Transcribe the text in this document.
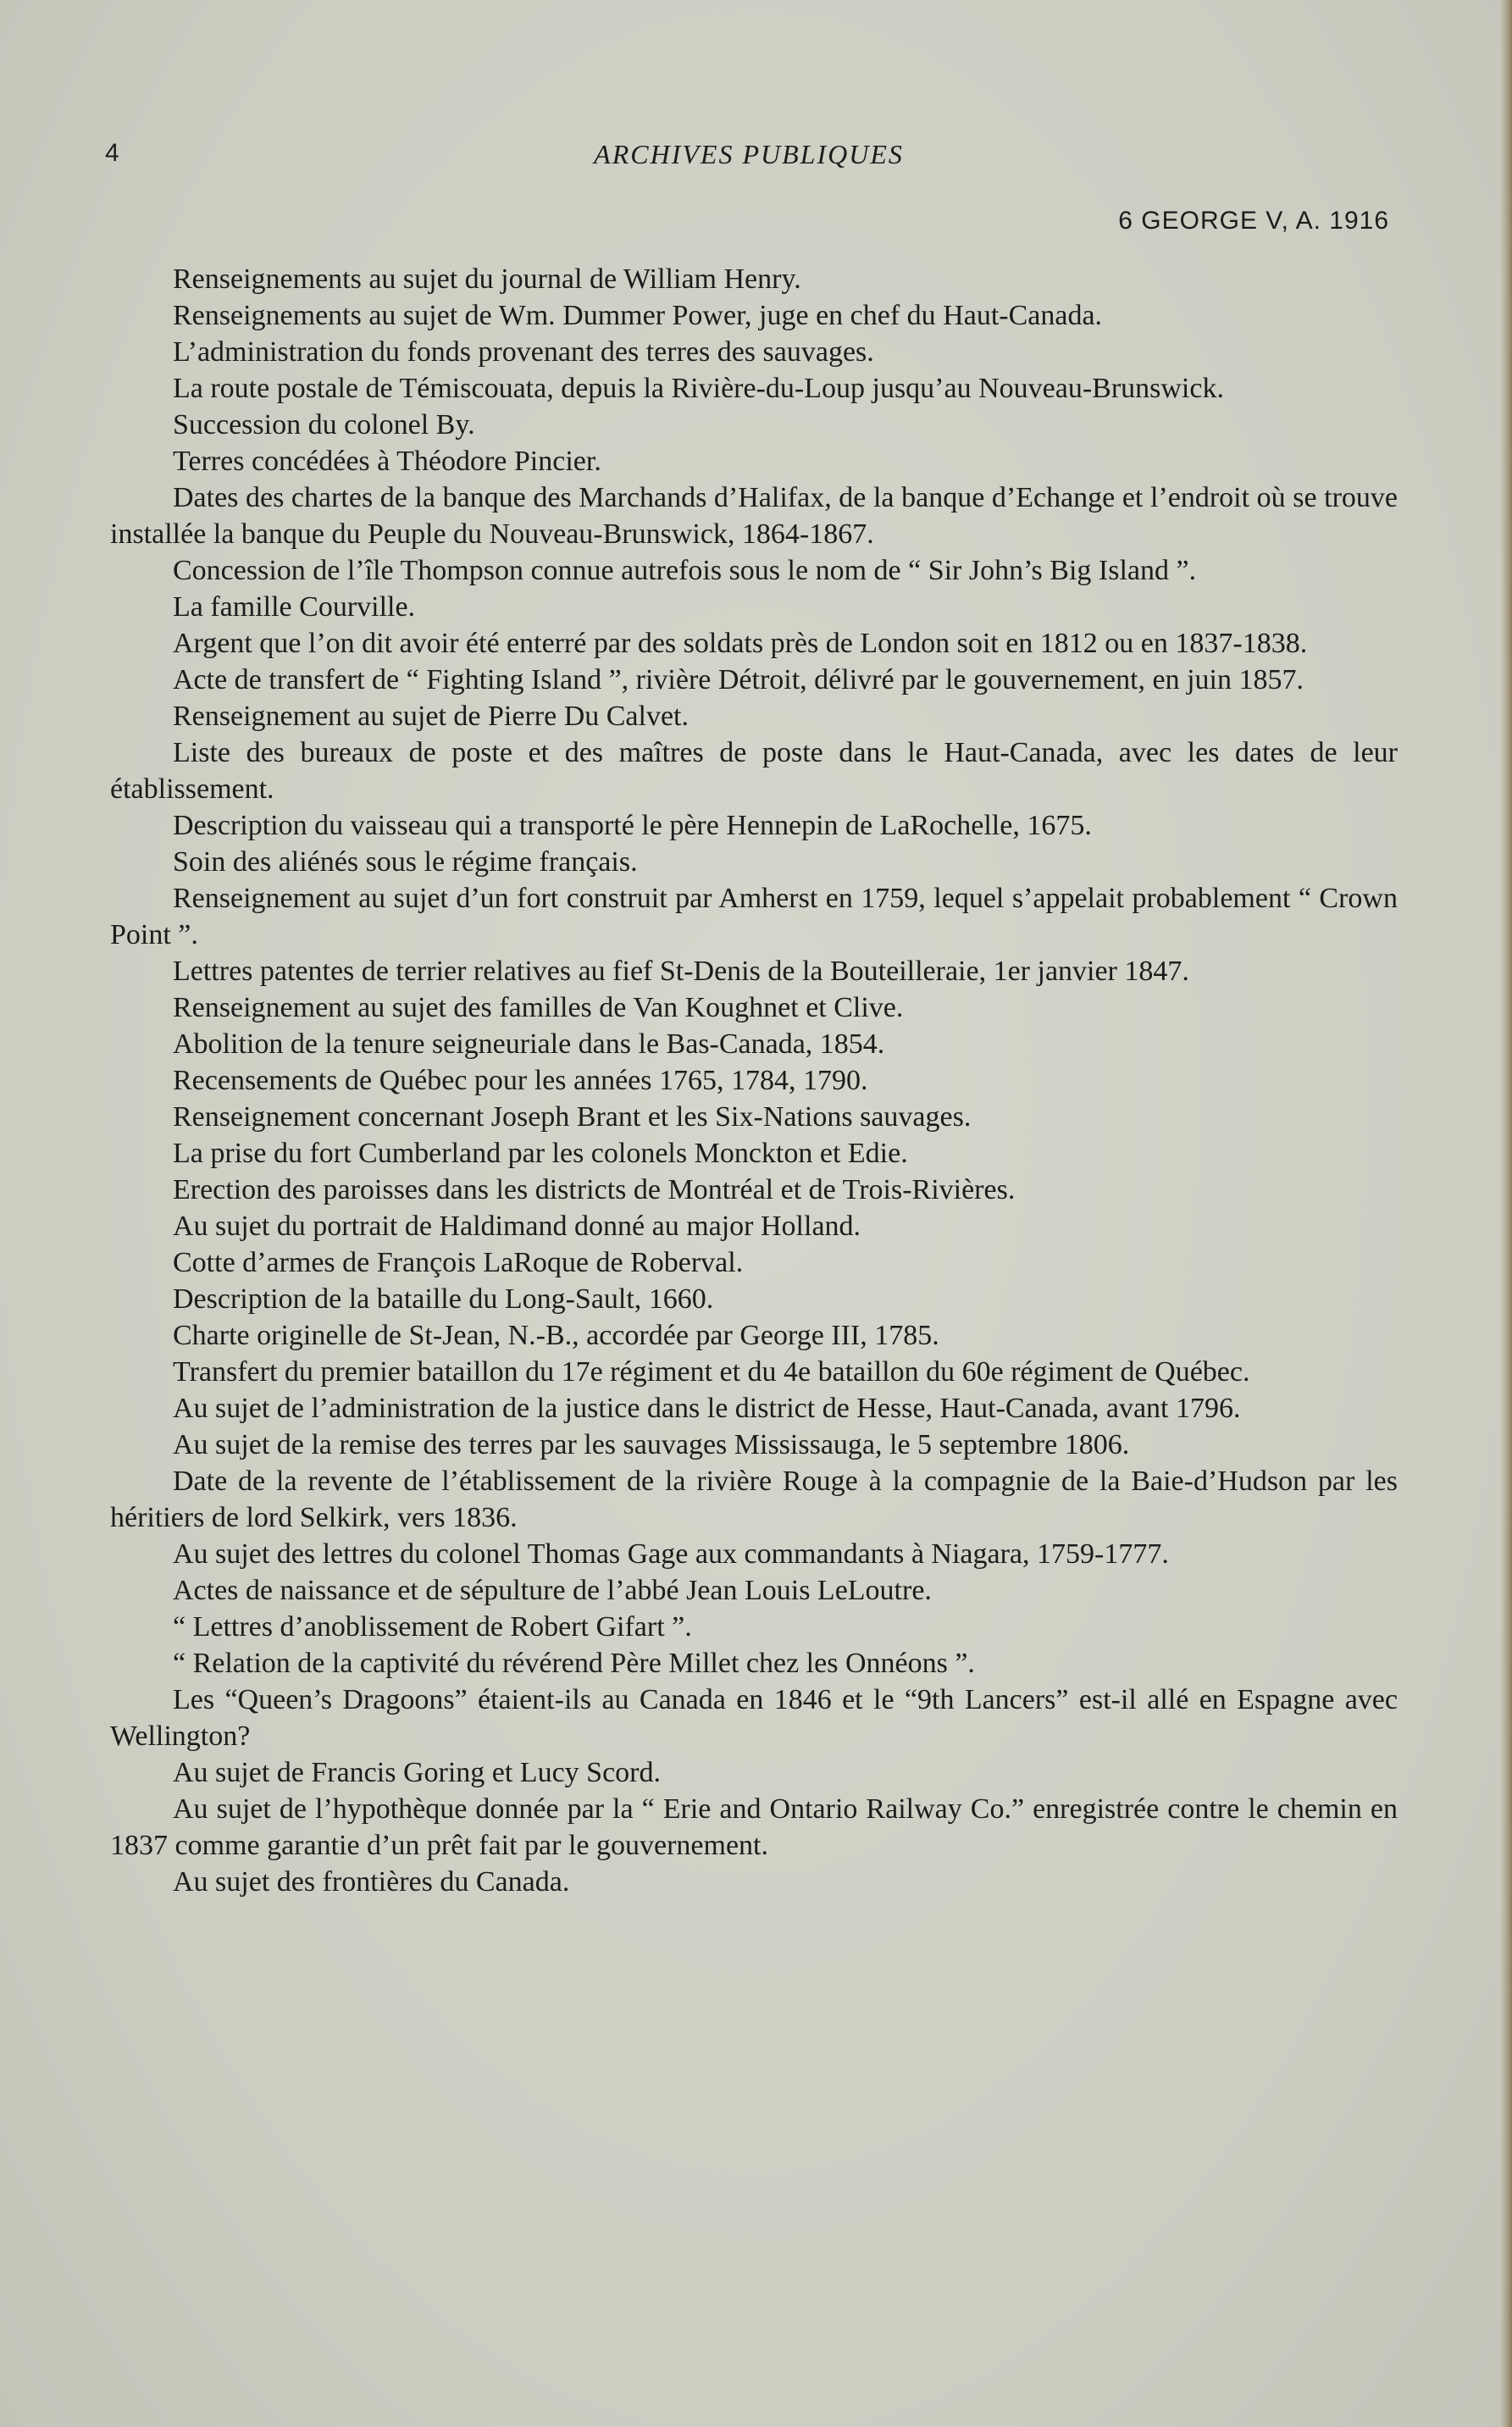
4	ARCHIVES PUBLIQUES
6 GEORGE V, A. 1916

Renseignements au sujet du journal de William Henry.

Renseignements au sujet de Wm. Dummer Power, juge en chef du Haut-Canada.

L’administration du fonds provenant des terres des sauvages.

La route postale de Témiscouata, depuis la Rivière-du-Loup jusqu’au Nouveau-Brunswick.

Succession du colonel By.

Terres concédées à Théodore Pincier.

Dates des chartes de la banque des Marchands d’Halifax, de la banque d’Echange et l’endroit où se trouve installée la banque du Peuple du Nouveau-Brunswick, 1864-1867.

Concession de l’île Thompson connue autrefois sous le nom de “ Sir John’s Big Island ”.

La famille Courville.

Argent que l’on dit avoir été enterré par des soldats près de London soit en 1812 ou en 1837-1838.

Acte de transfert de “ Fighting Island ”, rivière Détroit, délivré par le gouvernement, en juin 1857.

Renseignement au sujet de Pierre Du Calvet.

Liste des bureaux de poste et des maîtres de poste dans le Haut-Canada, avec les dates de leur établissement.

Description du vaisseau qui a transporté le père Hennepin de LaRochelle, 1675.

Soin des aliénés sous le régime français.

Renseignement au sujet d’un fort construit par Amherst en 1759, lequel s’appelait probablement “ Crown Point ”.

Lettres patentes de terrier relatives au fief St-Denis de la Bouteilleraie, 1er janvier 1847.

Renseignement au sujet des familles de Van Koughnet et Clive.

Abolition de la tenure seigneuriale dans le Bas-Canada, 1854.

Recensements de Québec pour les années 1765, 1784, 1790.

Renseignement concernant Joseph Brant et les Six-Nations sauvages.

La prise du fort Cumberland par les colonels Monckton et Edie.

Erection des paroisses dans les districts de Montréal et de Trois-Rivières.

Au sujet du portrait de Haldimand donné au major Holland.

Cotte d’armes de François LaRoque de Roberval.

Description de la bataille du Long-Sault, 1660.

Charte originelle de St-Jean, N.-B., accordée par George III, 1785.

Transfert du premier bataillon du 17e régiment et du 4e bataillon du 60e régiment de Québec.

Au sujet de l’administration de la justice dans le district de Hesse, Haut-Canada, avant 1796.

Au sujet de la remise des terres par les sauvages Mississauga, le 5 septembre 1806.

Date de la revente de l’établissement de la rivière Rouge à la compagnie de la Baie-d’Hudson par les héritiers de lord Selkirk, vers 1836.

Au sujet des lettres du colonel Thomas Gage aux commandants à Niagara, 1759-1777.

Actes de naissance et de sépulture de l’abbé Jean Louis LeLoutre.

“ Lettres d’anoblissement de Robert Gifart ”.

“ Relation de la captivité du révérend Père Millet chez les Onnéons ”.

Les “Queen’s Dragoons” étaient-ils au Canada en 1846 et le “9th Lancers” est-il allé en Espagne avec Wellington?

Au sujet de Francis Goring et Lucy Scord.

Au sujet de l’hypothèque donnée par la “ Erie and Ontario Railway Co.” enregistrée contre le chemin en 1837 comme garantie d’un prêt fait par le gouvernement.

Au sujet des frontières du Canada.
